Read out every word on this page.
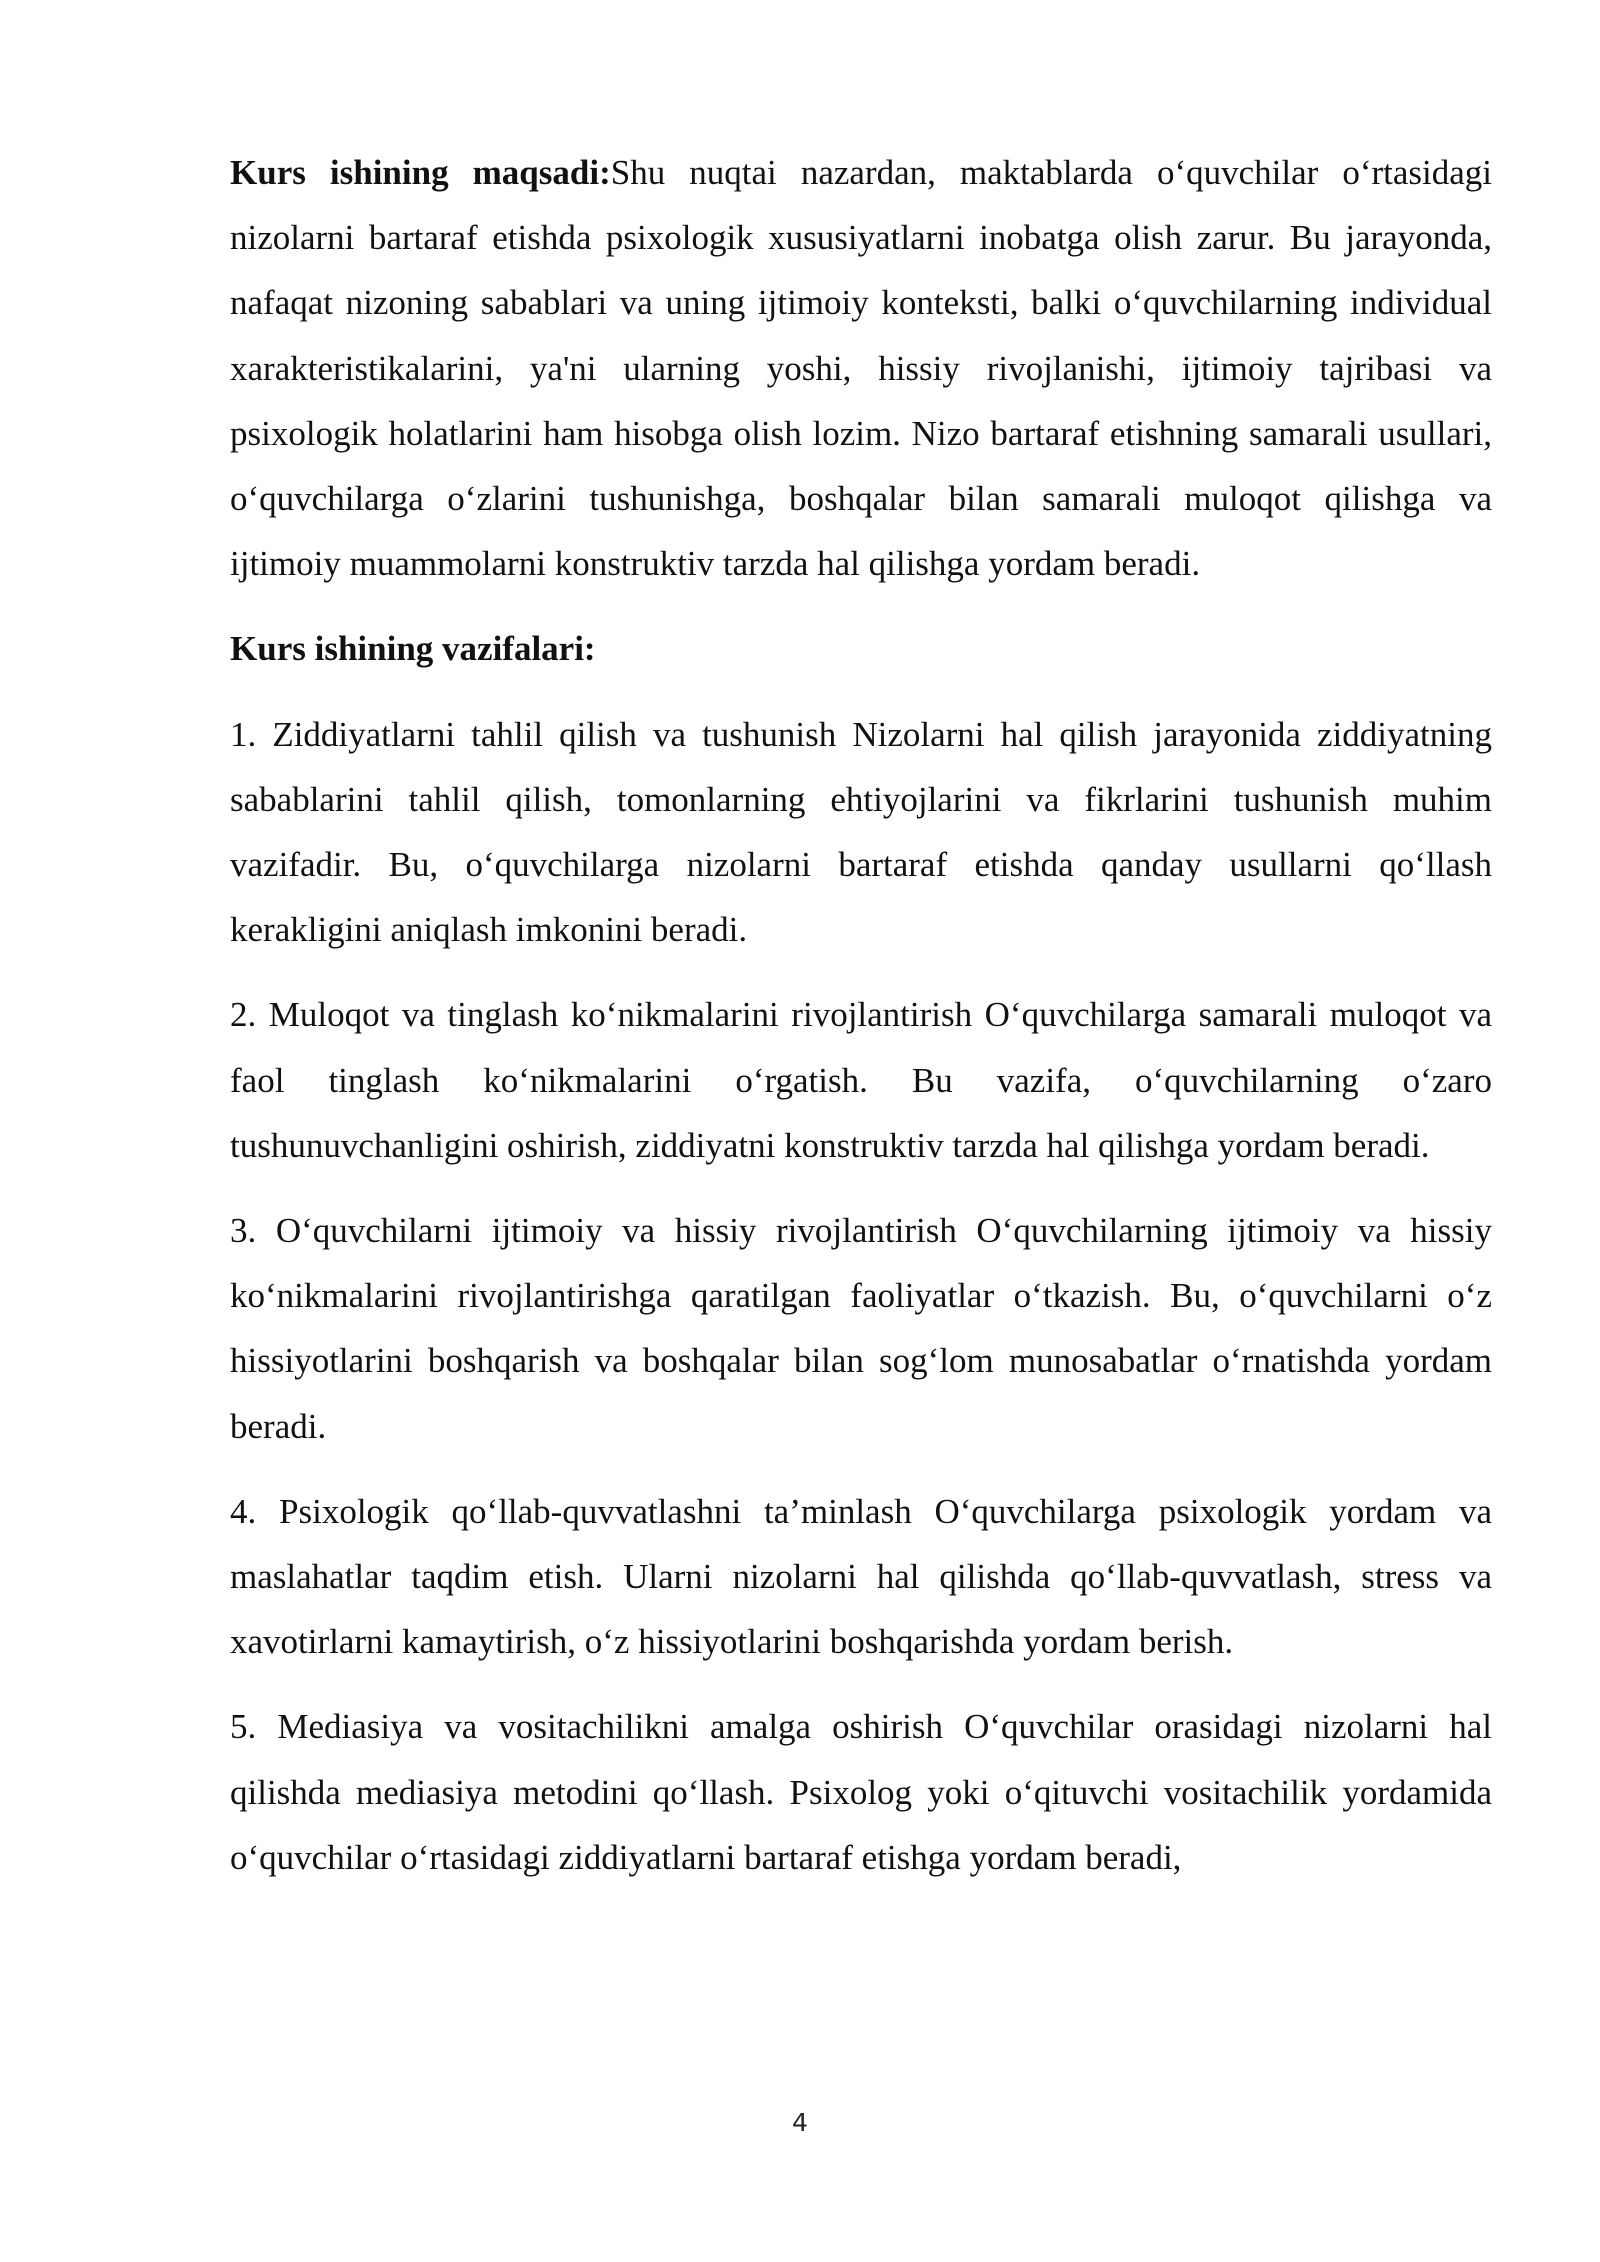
Kurs ishining maqsadi:Shu nuqtai nazardan, maktablarda o‘quvchilar o‘rtasidagi nizolarni bartaraf etishda psixologik xususiyatlarni inobatga olish zarur. Bu jarayonda, nafaqat nizoning sabablari va uning ijtimoiy konteksti, balki o‘quvchilarning individual xarakteristikalarini, ya'ni ularning yoshi, hissiy rivojlanishi, ijtimoiy tajribasi va psixologik holatlarini ham hisobga olish lozim. Nizo bartaraf etishning samarali usullari, o‘quvchilarga o‘zlarini tushunishga, boshqalar bilan samarali muloqot qilishga va ijtimoiy muammolarni konstruktiv tarzda hal qilishga yordam beradi.

Kurs ishining vazifalari:

1. Ziddiyatlarni tahlil qilish va tushunish Nizolarni hal qilish jarayonida ziddiyatning sabablarini tahlil qilish, tomonlarning ehtiyojlarini va fikrlarini tushunish muhim vazifadir. Bu, o‘quvchilarga nizolarni bartaraf etishda qanday usullarni qo‘llash kerakligini aniqlash imkonini beradi.

2. Muloqot va tinglash ko‘nikmalarini rivojlantirish O‘quvchilarga samarali muloqot va faol tinglash ko‘nikmalarini o‘rgatish. Bu vazifa, o‘quvchilarning o‘zaro tushunuvchanligini oshirish, ziddiyatni konstruktiv tarzda hal qilishga yordam beradi.

3. O‘quvchilarni ijtimoiy va hissiy rivojlantirish O‘quvchilarning ijtimoiy va hissiy ko‘nikmalarini rivojlantirishga qaratilgan faoliyatlar o‘tkazish. Bu, o‘quvchilarni o‘z hissiyotlarini boshqarish va boshqalar bilan sog‘lom munosabatlar o‘rnatishda yordam beradi.

4. Psixologik qo‘llab-quvvatlashni ta’minlash O‘quvchilarga psixologik yordam va maslahatlar taqdim etish. Ularni nizolarni hal qilishda qo‘llab-quvvatlash, stress va xavotirlarni kamaytirish, o‘z hissiyotlarini boshqarishda yordam berish.

5. Mediasiya va vositachilikni amalga oshirish O‘quvchilar orasidagi nizolarni hal qilishda mediasiya metodini qo‘llash. Psixolog yoki o‘qituvchi vositachilik yordamida o‘quvchilar o‘rtasidagi ziddiyatlarni bartaraf etishga yordam beradi,

4
